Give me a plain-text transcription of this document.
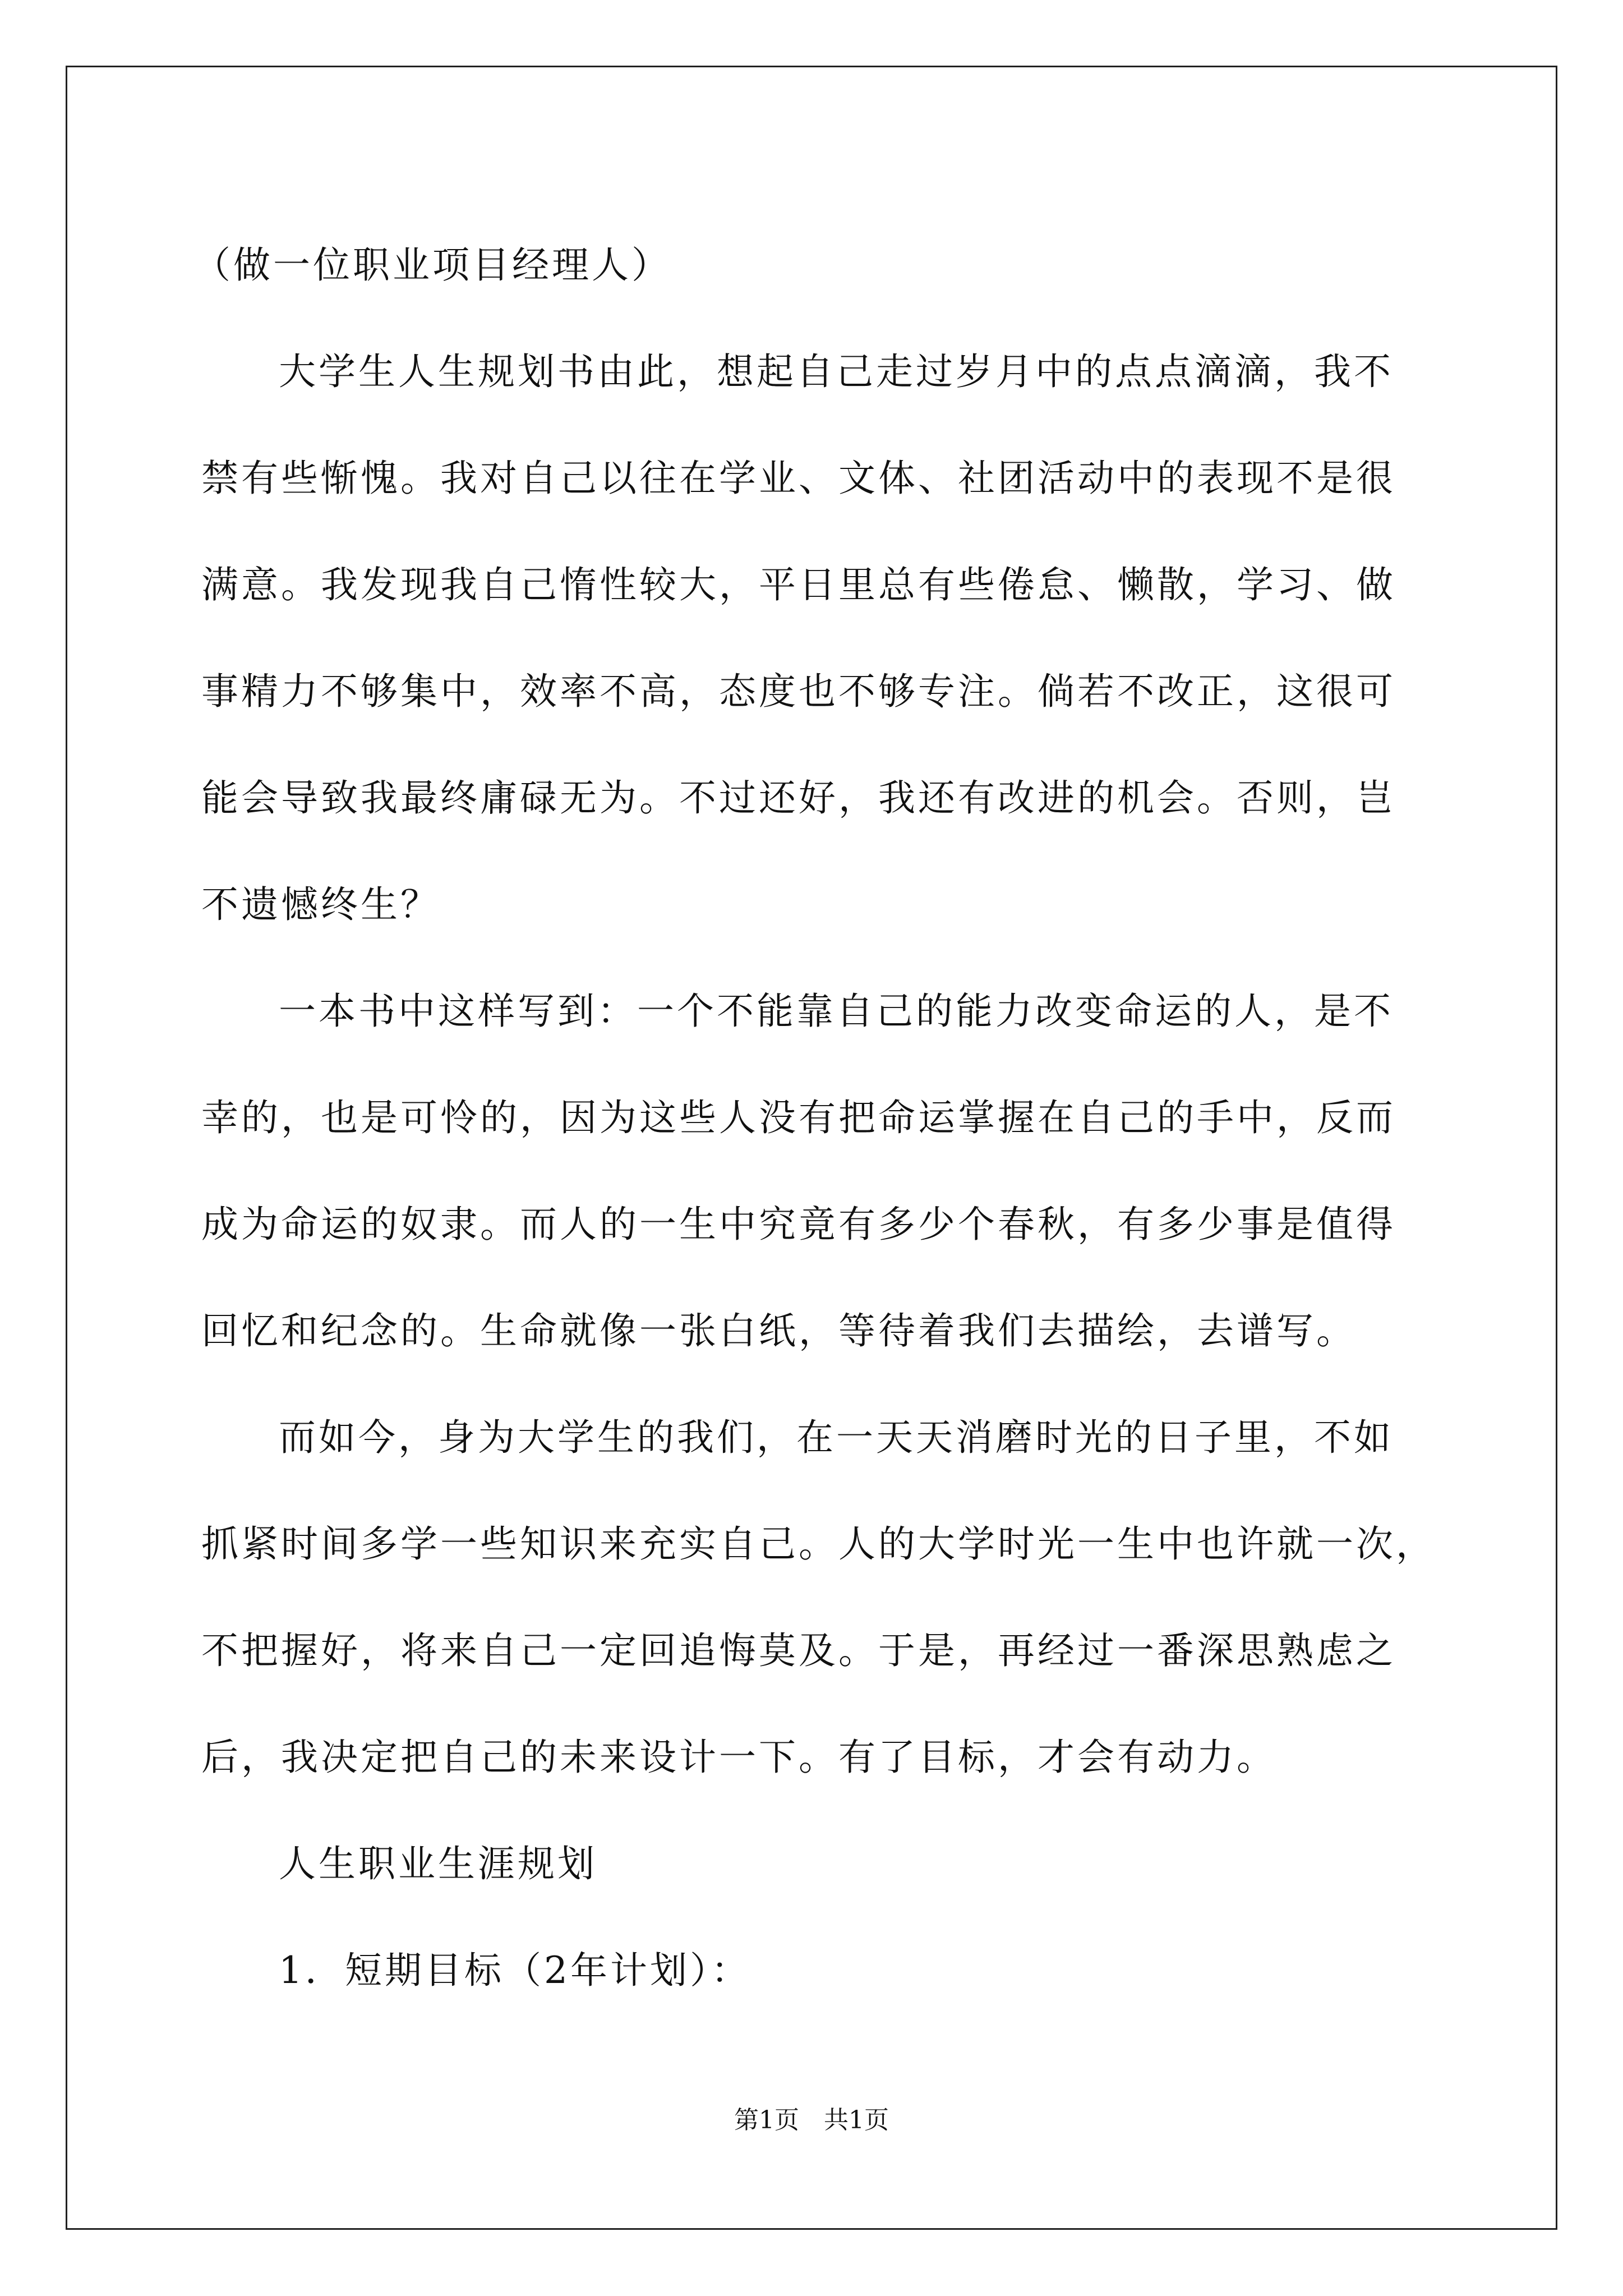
（做一位职业项目经理人）
大学生人生规划书由此，想起自己走过岁月中的点点滴滴，我不
禁有些惭愧。我对自己以往在学业、文体、社团活动中的表现不是很
满意。我发现我自己惰性较大，平日里总有些倦怠、懒散，学习、做
事精力不够集中，效率不高，态度也不够专注。倘若不改正，这很可
能会导致我最终庸碌无为。不过还好，我还有改进的机会。否则，岂
不遗憾终生？
一本书中这样写到：一个不能靠自己的能力改变命运的人，是不
幸的，也是可怜的，因为这些人没有把命运掌握在自己的手中，反而
成为命运的奴隶。而人的一生中究竟有多少个春秋，有多少事是值得
回忆和纪念的。生命就像一张白纸，等待着我们去描绘，去谱写。
而如今，身为大学生的我们，在一天天消磨时光的日子里，不如
抓紧时间多学一些知识来充实自己。人的大学时光一生中也许就一次，
不把握好，将来自己一定回追悔莫及。于是，再经过一番深思熟虑之
后，我决定把自己的未来设计一下。有了目标，才会有动力。
人生职业生涯规划
1．短期目标（2年计划）：
第1页　共1页
